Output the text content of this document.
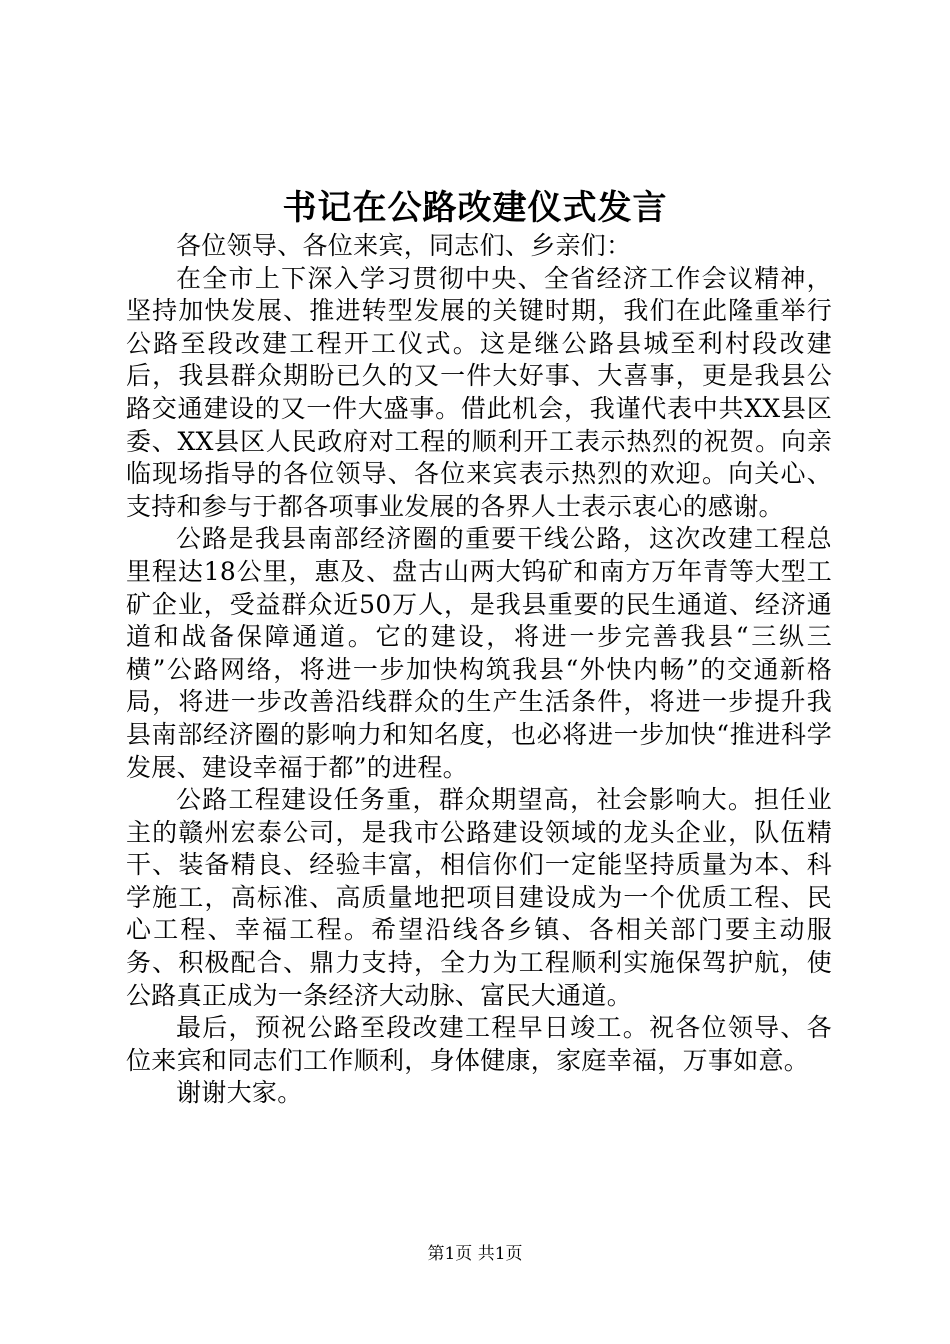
书记在公路改建仪式发言

各位领导、各位来宾，同志们、乡亲们：

在全市上下深入学习贯彻中央、全省经济工作会议精神，坚持加快发展、推进转型发展的关键时期，我们在此隆重举行公路至段改建工程开工仪式。这是继公路县城至利村段改建后，我县群众期盼已久的又一件大好事、大喜事，更是我县公路交通建设的又一件大盛事。借此机会，我谨代表中共XX县区委、XX县区人民政府对工程的顺利开工表示热烈的祝贺。向亲临现场指导的各位领导、各位来宾表示热烈的欢迎。向关心、支持和参与于都各项事业发展的各界人士表示衷心的感谢。

公路是我县南部经济圈的重要干线公路，这次改建工程总里程达18公里，惠及、盘古山两大钨矿和南方万年青等大型工矿企业，受益群众近50万人，是我县重要的民生通道、经济通道和战备保障通道。它的建设，将进一步完善我县“三纵三横”公路网络，将进一步加快构筑我县“外快内畅”的交通新格局，将进一步改善沿线群众的生产生活条件，将进一步提升我县南部经济圈的影响力和知名度，也必将进一步加快“推进科学发展、建设幸福于都”的进程。

公路工程建设任务重，群众期望高，社会影响大。担任业主的赣州宏泰公司，是我市公路建设领域的龙头企业，队伍精干、装备精良、经验丰富，相信你们一定能坚持质量为本、科学施工，高标准、高质量地把项目建设成为一个优质工程、民心工程、幸福工程。希望沿线各乡镇、各相关部门要主动服务、积极配合、鼎力支持，全力为工程顺利实施保驾护航，使公路真正成为一条经济大动脉、富民大通道。

最后，预祝公路至段改建工程早日竣工。祝各位领导、各位来宾和同志们工作顺利，身体健康，家庭幸福，万事如意。

谢谢大家。

第1页 共1页
